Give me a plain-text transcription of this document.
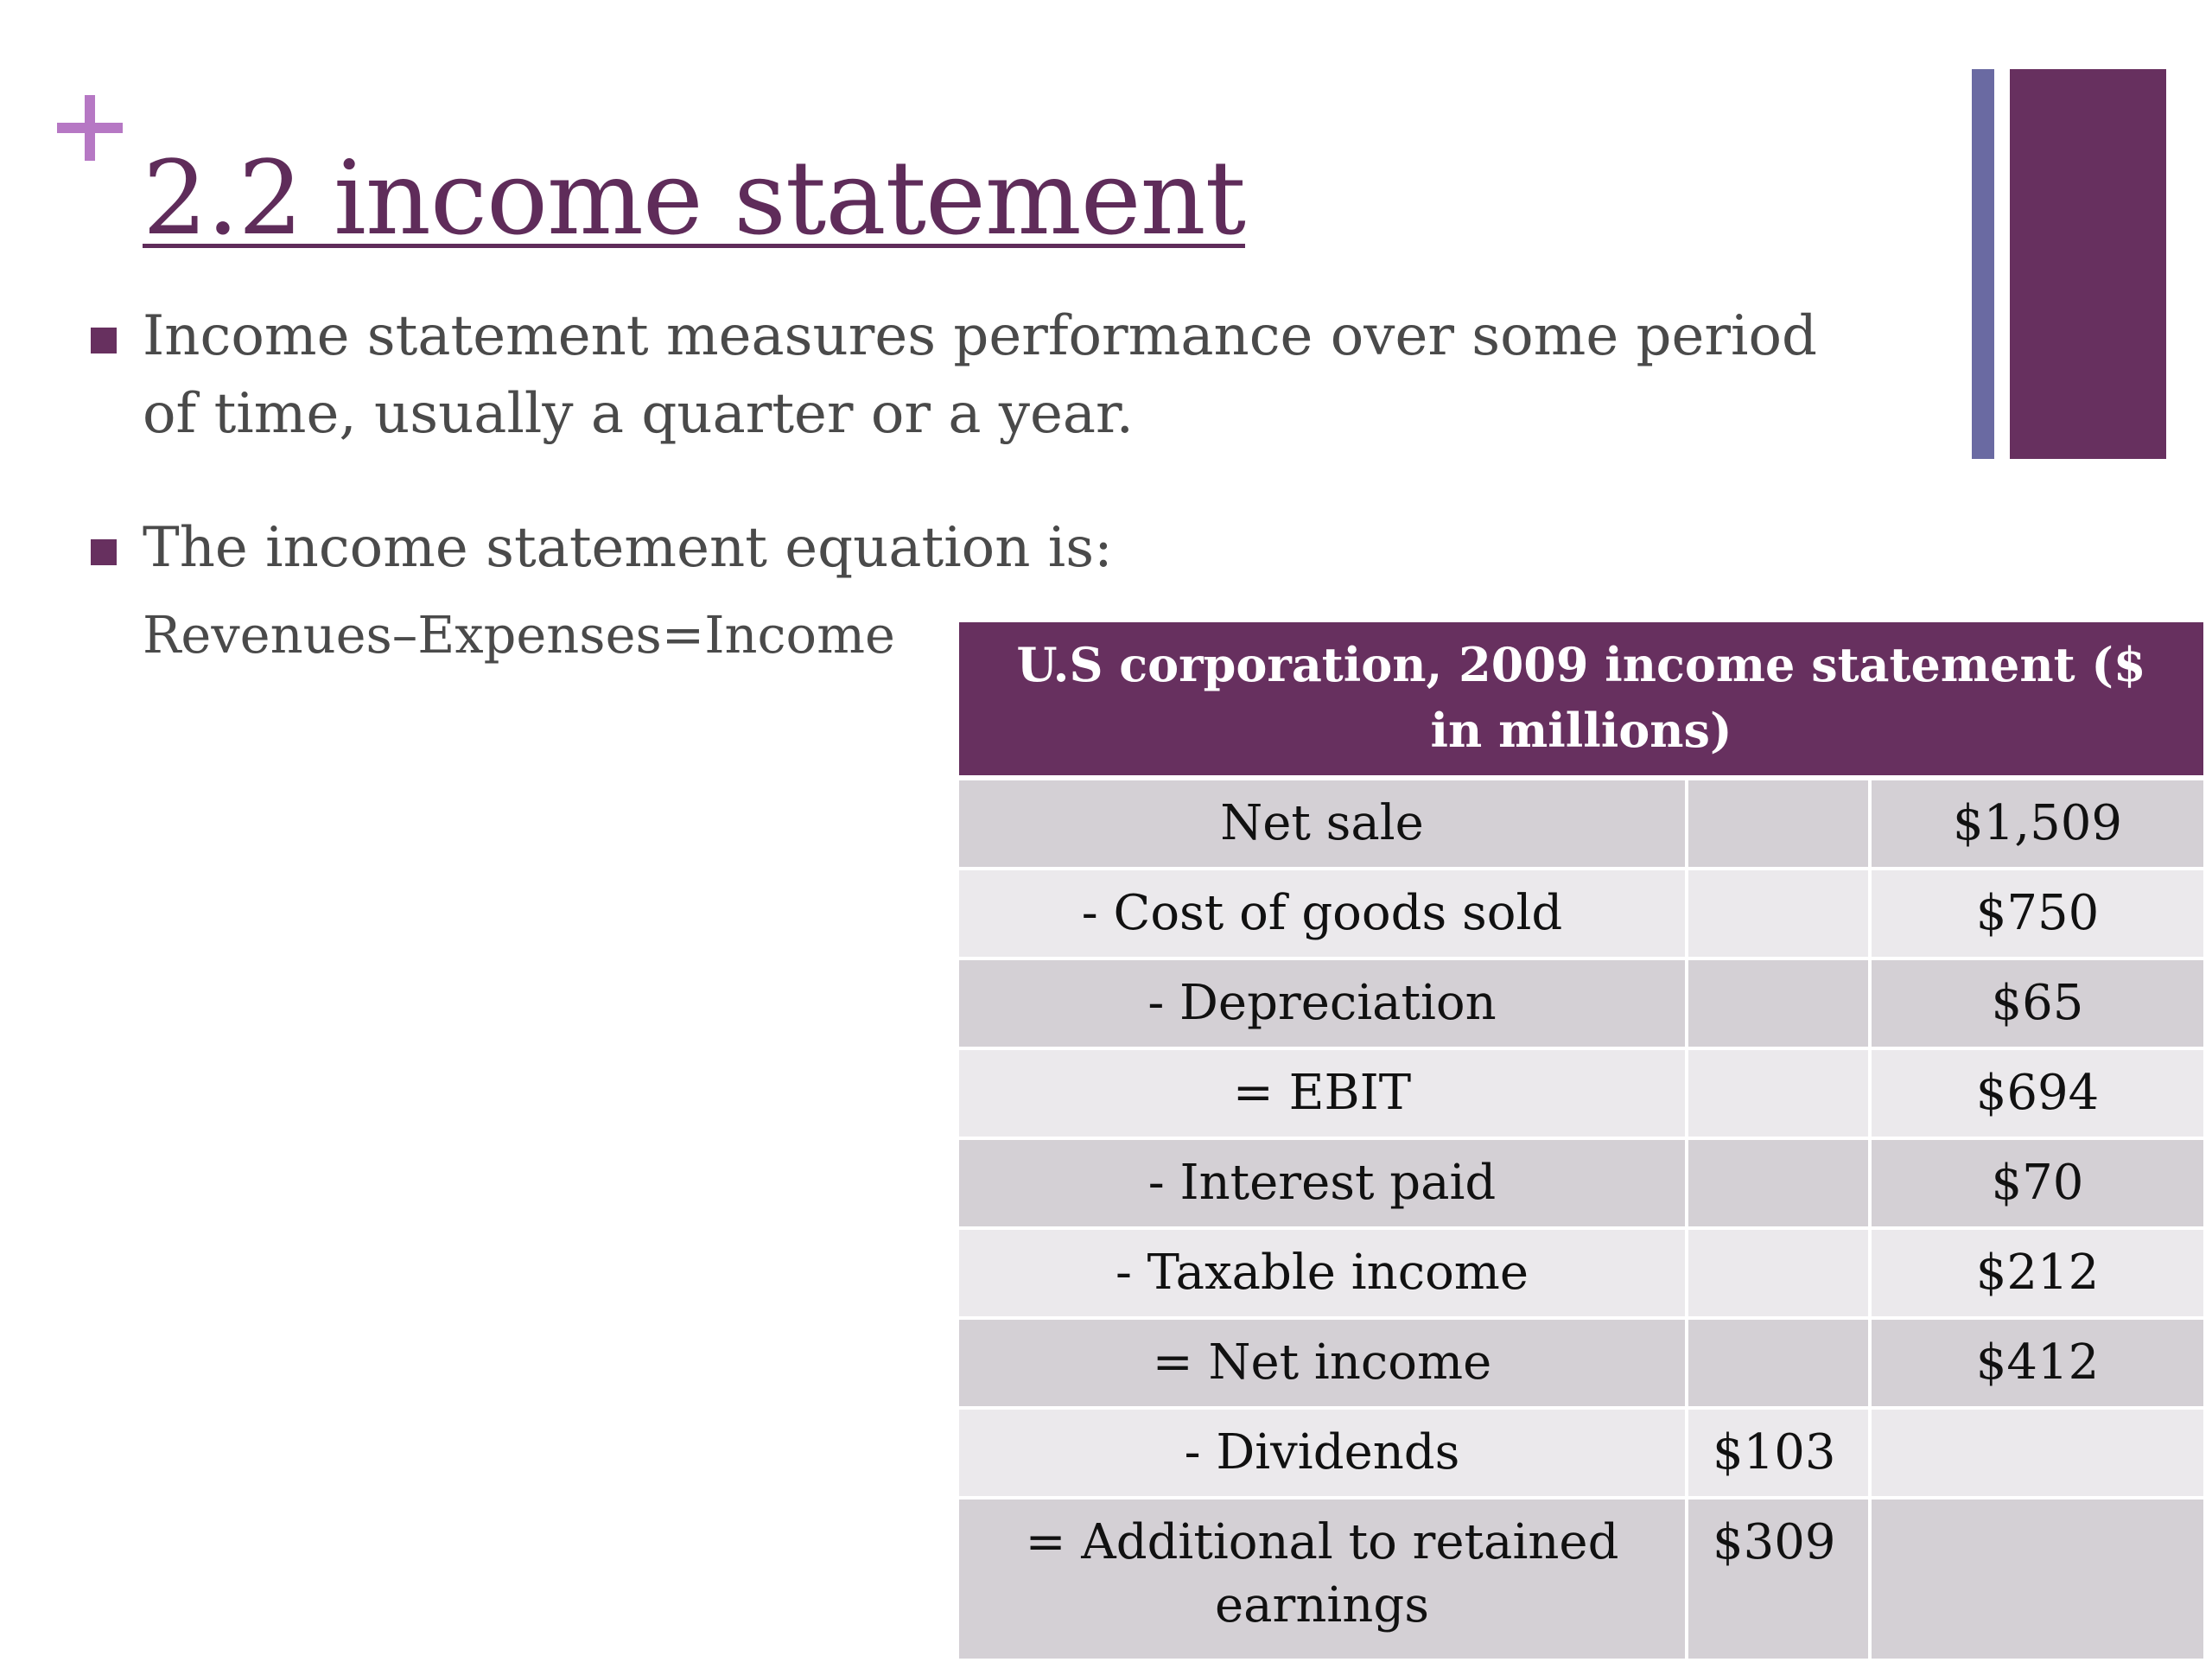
2.2 income statement
Income statement measures performance over some period of time, usually a quarter or a year.
The income statement equation is:
Revenues–Expenses=Income	U.S corporation, 2009 income statement ($ in millions)		
Net sale		$1,509
- Cost of goods sold		$750
- Depreciation		$65
= EBIT		$694
- Interest paid		$70
- Taxable income		$212
= Net income		$412
- Dividends	$103	
= Additional to retained earnings	$309	
